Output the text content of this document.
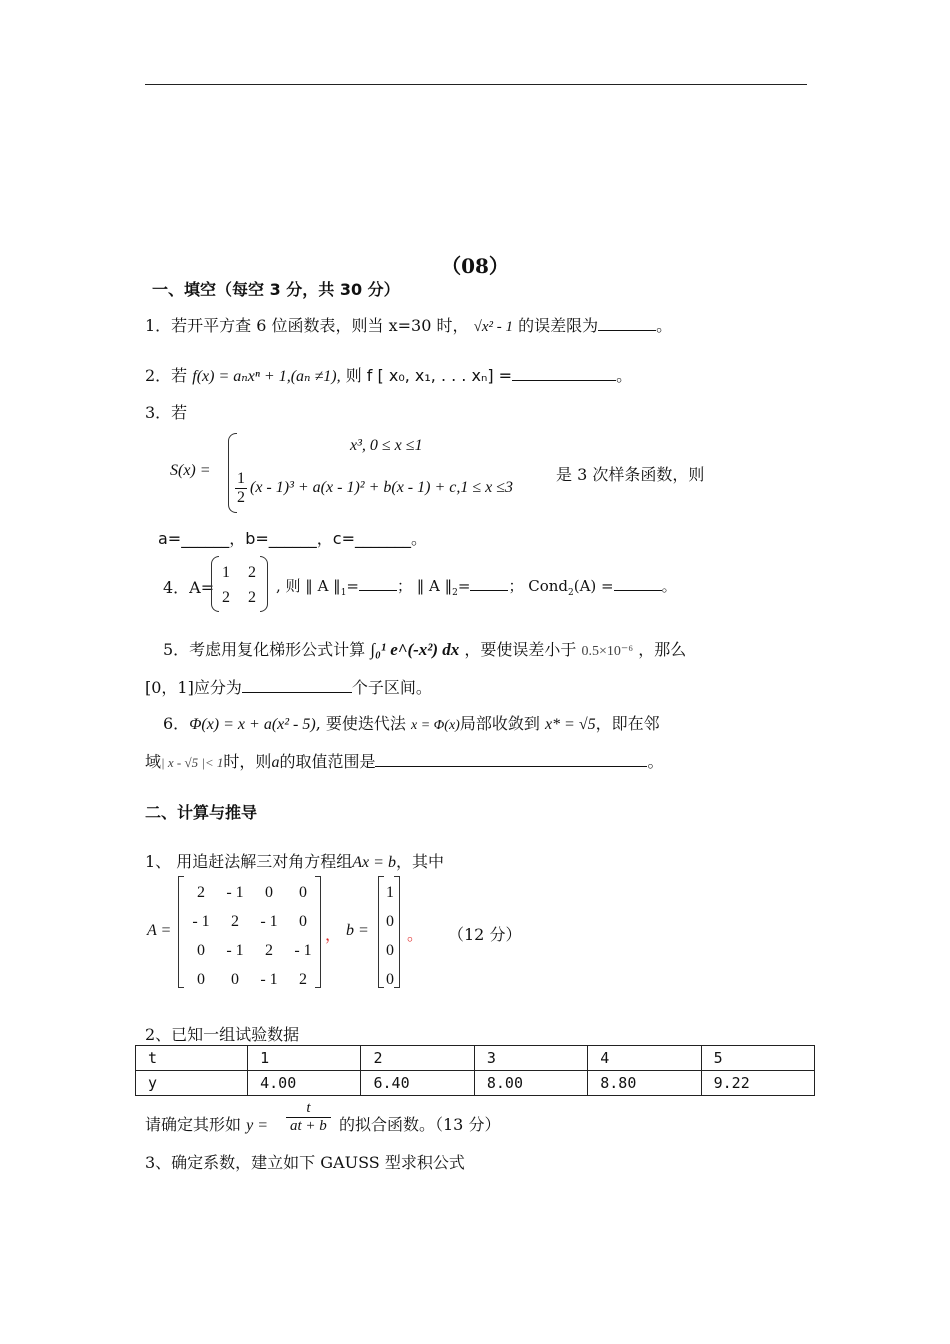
（08）
一、填空（每空 3 分，共 30 分）
1．若开平方查 6 位函数表，则当 x=30 时， √x² - 1 的误差限为	。
2．若 f(x) = aₙxⁿ + 1,(aₙ ≠1), 则 f [ x₀, x₁, . . . xₙ] =	。
3．若
S(x) =
x³, 0 ≤ x ≤1
1
2
(x - 1)³ + a(x - 1)² + b(x - 1) + c,1 ≤ x ≤3
是 3 次样条函数，则
a=______，b=______，c=_______。
4．A=
1 2
2 2
, 则 ‖ A $‖_1=$	； ‖ A $‖_2=$	； Cond$_2$(A) =	。
5．考虑用复化梯形公式计算 ∫₀¹ e^(-x²) dx ，要使误差小于 0.5×10⁻⁶ ，那么
[0，1]应分为	个子区间。
6．Φ(x) = x + a(x² - 5), 要使迭代法 x = Φ(x)局部收敛到 x* = √5，即在邻
域| x - √5 |< 1时，则a的取值范围是	。
二、计算与推导
1、 用追赶法解三对角方程组Ax = b，其中
A =
2 - 1 0 0
- 1 2 - 1 0
0 - 1 2 - 1
0 0 - 1 2
， b =
1
0
0
0
。 （12 分）
2、已知一组试验数据
t	1	2	3	4	5
y	4.00	6.40	8.00	8.80	9.22
请确定其形如 $y = \frac{t}{at + b}$ 的拟合函数。（13 分）
3、确定系数，建立如下 GAUSS 型求积公式
